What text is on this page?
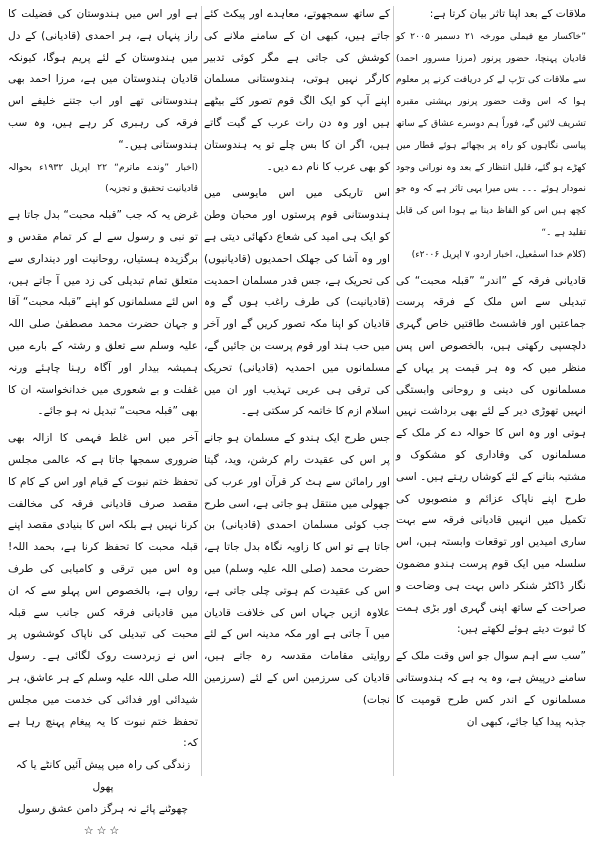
ملاقات کے بعد اپنا تاثر بیان کرتا ہے:

”خاکسار مع فیملی مورخہ ۲۱ دسمبر ۲۰۰۵ کو قادیان پہنچا، حضور پرنور (مرزا مسرور احمد) سے ملاقات کی تڑپ لے کر دریافت کرنے پر معلوم ہوا کہ اس وقت حضور پرنور بہشتی مقبرہ تشریف لائیں گے، فوراً ہم دوسرے عشاق کے ساتھ پیاسی نگاہوں کو راہ پر بچھائے ہوئے قطار میں کھڑے ہو گئے، قلیل انتظار کے بعد وہ نورانی وجود نمودار ہوئے ۔۔۔ بس میرا یہی تاثر ہے کہ وہ جو کچھ ہیں اس کو الفاظ دینا بے ہودا اس کی قابل تقلید ہے ۔“

(کلام خدا اسمٰعیل، اخبار اردو، ۷ اپریل ۲۰۰۶ء)

قادیانی فرقہ کے ”اندر“ ”قبلہ محبت“ کی تبدیلی سے اس ملک کے فرقہ پرست جماعتیں اور فاشسٹ طاقتیں خاص گہری دلچسپی رکھتی ہیں، بالخصوص اس پس منظر میں کہ وہ ہر قیمت پر یہاں کے مسلمانوں کی دینی و روحانی وابستگی انہیں تھوڑی دیر کے لئے بھی برداشت نہیں ہوتی اور وہ اس کا حوالہ دے کر ملک کے مسلمانوں کی وفاداری کو مشکوک و مشتبہ بنانے کے لئے کوشاں رہتے ہیں۔ اسی طرح اپنے ناپاک عزائم و منصوبوں کی تکمیل میں انہیں قادیانی فرقہ سے بہت ساری امیدیں اور توقعات وابستہ ہیں، اس سلسلہ میں ایک قوم پرست ہندو مضمون نگار ڈاکٹر شنکر داس بہت ہی وضاحت و صراحت کے ساتھ اپنی گہری اور بڑی ہمت کا ثبوت دیتے ہوئے لکھتے ہیں:

”سب سے اہم سوال جو اس وقت ملک کے سامنے درپیش ہے، وہ یہ ہے کہ ہندوستانی مسلمانوں کے اندر کس طرح قومیت کا جذبہ پیدا کیا جائے، کبھی ان

کے ساتھ سمجھوتے، معاہدے اور پیکٹ کئے جاتے ہیں، کبھی ان کے سامنے ملانے کی کوشش کی جاتی ہے مگر کوئی تدبیر کارگر نہیں ہوتی، ہندوستانی مسلمان اپنے آپ کو ایک الگ قوم تصور کئے بیٹھے ہیں اور وہ دن رات عرب کے گیت گاتے ہیں، اگر ان کا بس چلے تو یہ ہندوستان کو بھی عرب کا نام دے دیں۔

اس تاریکی میں اس مایوسی میں ہندوستانی قوم پرستوں اور محبان وطن کو ایک ہی امید کی شعاع دکھائی دیتی ہے اور وہ آشا کی جھلک احمدیوں (قادیانیوں) کی تحریک ہے، جس قدر مسلمان احمدیت (قادیانیت) کی طرف راغب ہوں گے وہ قادیان کو اپنا مکہ تصور کریں گے اور آخر میں حب ہند اور قوم پرست بن جائیں گے، مسلمانوں میں احمدیہ (قادیانی) تحریک کی ترقی ہی عربی تہذیب اور ان میں اسلام ازم کا خاتمہ کر سکتی ہے۔

جس طرح ایک ہندو کے مسلمان ہو جانے پر اس کی عقیدت رام کرشن، وید، گیتا اور رامائن سے ہٹ کر قرآن اور عرب کی جھولی میں منتقل ہو جاتی ہے، اسی طرح جب کوئی مسلمان احمدی (قادیانی) بن جاتا ہے تو اس کا زاویہ نگاہ بدل جاتا ہے، حضرت محمد (صلی اللہ علیہ وسلم) میں اس کی عقیدت کم ہوتی چلی جاتی ہے، علاوہ ازیں جہاں اس کی خلافت قادیان میں آ جاتی ہے اور مکہ مدینہ اس کے لئے روایتی مقامات مقدسہ رہ جاتے ہیں، قادیان کی سرزمین اس کے لئے (سرزمین نجات)

ہے اور اس میں ہندوستان کی فضیلت کا راز پنہاں ہے، ہر احمدی (قادیانی) کے دل میں ہندوستان کے لئے پریم ہوگا، کیونکہ قادیان ہندوستان میں ہے، مرزا احمد بھی ہندوستانی تھے اور اب جتنے خلیفے اس فرقہ کی رہبری کر رہے ہیں، وہ سب ہندوستانی ہیں۔“

(اخبار ”وندے ماترم“ ۲۲ اپریل ۱۹۳۲ء بحوالہ قادیانیت تحقیق و تجزیہ)

غرض یہ کہ جب ”قبلہ محبت“ بدل جاتا ہے تو نبی و رسول سے لے کر تمام مقدس و برگزیدہ ہستیاں، روحانیت اور دینداری سے متعلق تمام تبدیلی کی زد میں آ جاتے ہیں، اس لئے مسلمانوں کو اپنے ”قبلہ محبت“ آقا و جہان حضرت محمد مصطفیٰ صلی اللہ علیہ وسلم سے تعلق و رشتہ کے بارے میں ہمیشہ بیدار اور آگاہ رہنا چاہئے ورنہ غفلت و بے شعوری میں خدانخواستہ ان کا بھی ”قبلہ محبت“ تبدیل نہ ہو جائے۔

آخر میں اس غلط فہمی کا ازالہ بھی ضروری سمجھا جاتا ہے کہ عالمی مجلس تحفظ ختم نبوت کے قیام اور اس کے کام کا مقصد صرف قادیانی فرقہ کی مخالفت کرنا نہیں ہے بلکہ اس کا بنیادی مقصد اپنے قبلہ محبت کا تحفظ کرنا ہے، بحمد اللہ! وہ اس میں ترقی و کامیابی کی طرف رواں ہے، بالخصوص اس پہلو سے کہ ان میں قادیانی فرقہ کس جانب سے قبلہ محبت کی تبدیلی کی ناپاک کوششوں پر اس نے زبردست روک لگائی ہے۔ رسول اللہ صلی اللہ علیہ وسلم کے ہر عاشق، ہر شیدائی اور فدائی کی خدمت میں مجلس تحفظ ختم نبوت کا یہ پیغام پہنچ رہا ہے کہ:

زندگی کی راہ میں پیش آئیں کانٹے یا کہ پھول

چھوٹنے پائے نہ ہرگز دامن عشق رسول

☆☆☆
